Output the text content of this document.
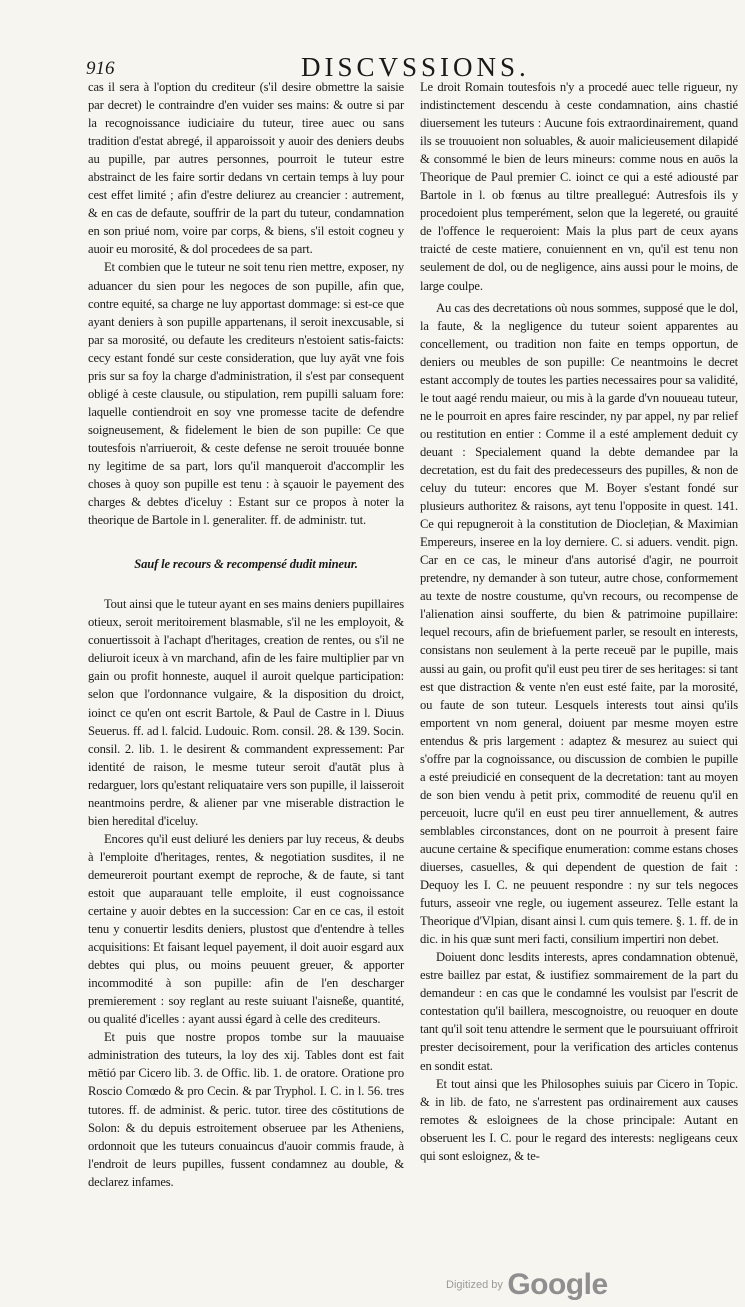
916	DISCVSSIONS.

cas il sera à l'option du crediteur (s'il desire obmettre la saisie par decret) le contraindre d'en vuider ses mains: & outre si par la recognoissance iudiciaire du tuteur, tiree auec ou sans tradition d'estat abregé, il apparoissoit y auoir des deniers deubs au pupille, par autres personnes, pourroit le tuteur estre abstrainct de les faire sortir dedans vn certain temps à luy pour cest effet limité ; afin d'estre deliurez au creancier : autrement, & en cas de defaute, souffrir de la part du tuteur, condamnation en son priué nom, voire par corps, & biens, s'il estoit cogneu y auoir eu morosité, & dol procedees de sa part.

Et combien que le tuteur ne soit tenu rien mettre, exposer, ny aduancer du sien pour les negoces de son pupille, afin que, contre equité, sa charge ne luy apportast dommage: si est-ce que ayant deniers à son pupille appartenans, il seroit inexcusable, si par sa morosité, ou defaute les crediteurs n'estoient satis-faicts: cecy estant fondé sur ceste consideration, que luy ayāt vne fois pris sur sa foy la charge d'administration, il s'est par consequent obligé à ceste clausule, ou stipulation, rem pupilli saluam fore: laquelle contiendroit en soy vne promesse tacite de defendre soigneusement, & fidelement le bien de son pupille: Ce que toutesfois n'arriueroit, & ceste defense ne seroit trouuée bonne ny legitime de sa part, lors qu'il manqueroit d'accomplir les choses à quoy son pupille est tenu : à sçauoir le payement des charges & debtes d'iceluy : Estant sur ce propos à noter la theorique de Bartole in l. generaliter. ff. de administr. tut.

Sauf le recours & recompensé dudit mineur.

Tout ainsi que le tuteur ayant en ses mains deniers pupillaires otieux, seroit meritoirement blasmable, s'il ne les employoit, & conuertissoit à l'achapt d'heritages, creation de rentes, ou s'il ne deliuroit iceux à vn marchand, afin de les faire multiplier par vn gain ou profit honneste, auquel il auroit quelque participation: selon que l'ordonnance vulgaire, & la disposition du droict, ioinct ce qu'en ont escrit Bartole, & Paul de Castre in l. Diuus Seuerus. ff. ad l. falcid. Ludouic. Rom. consil. 28. & 139. Socin. consil. 2. lib. 1. le desirent & commandent expressement: Par identité de raison, le mesme tuteur seroit d'autāt plus à redarguer, lors qu'estant reliquataire vers son pupille, il laisseroit neantmoins perdre, & aliener par vne miserable distraction le bien heredital d'iceluy.

Encores qu'il eust deliuré les deniers par luy receus, & deubs à l'emploite d'heritages, rentes, & negotiation susdites, il ne demeureroit pourtant exempt de reproche, & de faute, si tant estoit que auparauant telle emploite, il eust cognoissance certaine y auoir debtes en la succession: Car en ce cas, il estoit tenu y conuertir lesdits deniers, plustost que d'entendre à telles acquisitions: Et faisant lequel payement, il doit auoir esgard aux debtes qui plus, ou moins peuuent greuer, & apporter incommodité à son pupille: afin de l'en descharger premierement : soy reglant au reste suiuant l'aisneße, quantité, ou qualité d'icelles : ayant aussi égard à celle des crediteurs.

Et puis que nostre propos tombe sur la mauuaise administration des tuteurs, la loy des xij. Tables dont est fait mētió par Cicero lib. 3. de Offic. lib. 1. de oratore. Oratione pro Roscio Comœdo & pro Cecin. & par Tryphol. I. C. in l. 56. tres tutores. ff. de administ. & peric. tutor. tiree des cōstitutions de Solon: & du depuis estroitement obseruee par les Atheniens, ordonnoit que les tuteurs conuaincus d'auoir commis fraude, à l'endroit de leurs pupilles, fussent condamnez au double, & declarez infames.

Le droit Romain toutesfois n'y a procedé auec telle rigueur, ny indistinctement descendu à ceste condamnation, ains chastié diuersement les tuteurs : Aucune fois extraordinairement, quand ils se trouuoient non soluables, & auoir malicieusement dilapidé & consommé le bien de leurs mineurs: comme nous en auōs la Theorique de Paul premier C. ioinct ce qui a esté adiousté par Bartole in l. ob fœnus au tiltre preallegué: Autresfois ils y procedoient plus temperément, selon que la legereté, ou grauité de l'offence le requeroient: Mais la plus part de ceux ayans traicté de ceste matiere, conuiennent en vn, qu'il est tenu non seulement de dol, ou de negligence, ains aussi pour le moins, de large coulpe.

Au cas des decretations où nous sommes, supposé que le dol, la faute, & la negligence du tuteur soient apparentes au concellement, ou tradition non faite en temps opportun, de deniers ou meubles de son pupille: Ce neantmoins le decret estant accomply de toutes les parties necessaires pour sa validité, le tout aagé rendu maieur, ou mis à la garde d'vn nouueau tuteur, ne le pourroit en apres faire rescinder, ny par appel, ny par relief ou restitution en entier : Comme il a esté amplement deduit cy deuant : Specialement quand la debte demandee par la decretation, est du fait des predecesseurs des pupilles, & non de celuy du tuteur: encores que M. Boyer s'estant fondé sur plusieurs authoritez & raisons, ayt tenu l'opposite in quest. 141. Ce qui repugneroit à la constitution de Dioclețian, & Maximian Empereurs, inseree en la loy derniere. C. si aduers. vendit. pign. Car en ce cas, le mineur d'ans autorisé d'agir, ne pourroit pretendre, ny demander à son tuteur, autre chose, conformement au texte de nostre coustume, qu'vn recours, ou recompense de l'alienation ainsi soufferte, du bien & patrimoine pupillaire: lequel recours, afin de briefuement parler, se resoult en interests, consistans non seulement à la perte receuë par le pupille, mais aussi au gain, ou profit qu'il eust peu tirer de ses heritages: si tant est que distraction & vente n'en eust esté faite, par la morosité, ou faute de son tuteur. Lesquels interests tout ainsi qu'ils emportent vn nom general, doiuent par mesme moyen estre entendus & pris largement : adaptez & mesurez au suiect qui s'offre par la cognoissance, ou discussion de combien le pupille a esté preiudicié en consequent de la decretation: tant au moyen de son bien vendu à petit prix, commodité de reuenu qu'il en perceuoit, lucre qu'il en eust peu tirer annuellement, & autres semblables circonstances, dont on ne pourroit à present faire aucune certaine & specifique enumeration: comme estans choses diuerses, casuelles, & qui dependent de question de fait : Dequoy les I. C. ne peuuent respondre : ny sur tels negoces futurs, asseoir vne regle, ou iugement asseurez. Telle estant la Theorique d'Vlpian, disant ainsi l. cum quis temere. §. 1. ff. de in dic. in his quæ sunt meri facti, consilium impertiri non debet.

Doiuent donc lesdits interests, apres condamnation obtenuë, estre baillez par estat, & iustifiez sommairement de la part du demandeur : en cas que le condamné les voulsist par l'escrit de contestation qu'il baillera, mescognoistre, ou reuoquer en doute tant qu'il soit tenu attendre le serment que le poursuiuant offriroit prester decisoirement, pour la verification des articles contenus en sondit estat.

Et tout ainsi que les Philosophes suiuis par Cicero in Topic. & in lib. de fato, ne s'arrestent pas ordinairement aux causes remotes & esloignees de la chose principale: Autant en obseruent les I. C. pour le regard des interests: negligeans ceux qui sont esloignez, & te-

Digitized by Google
